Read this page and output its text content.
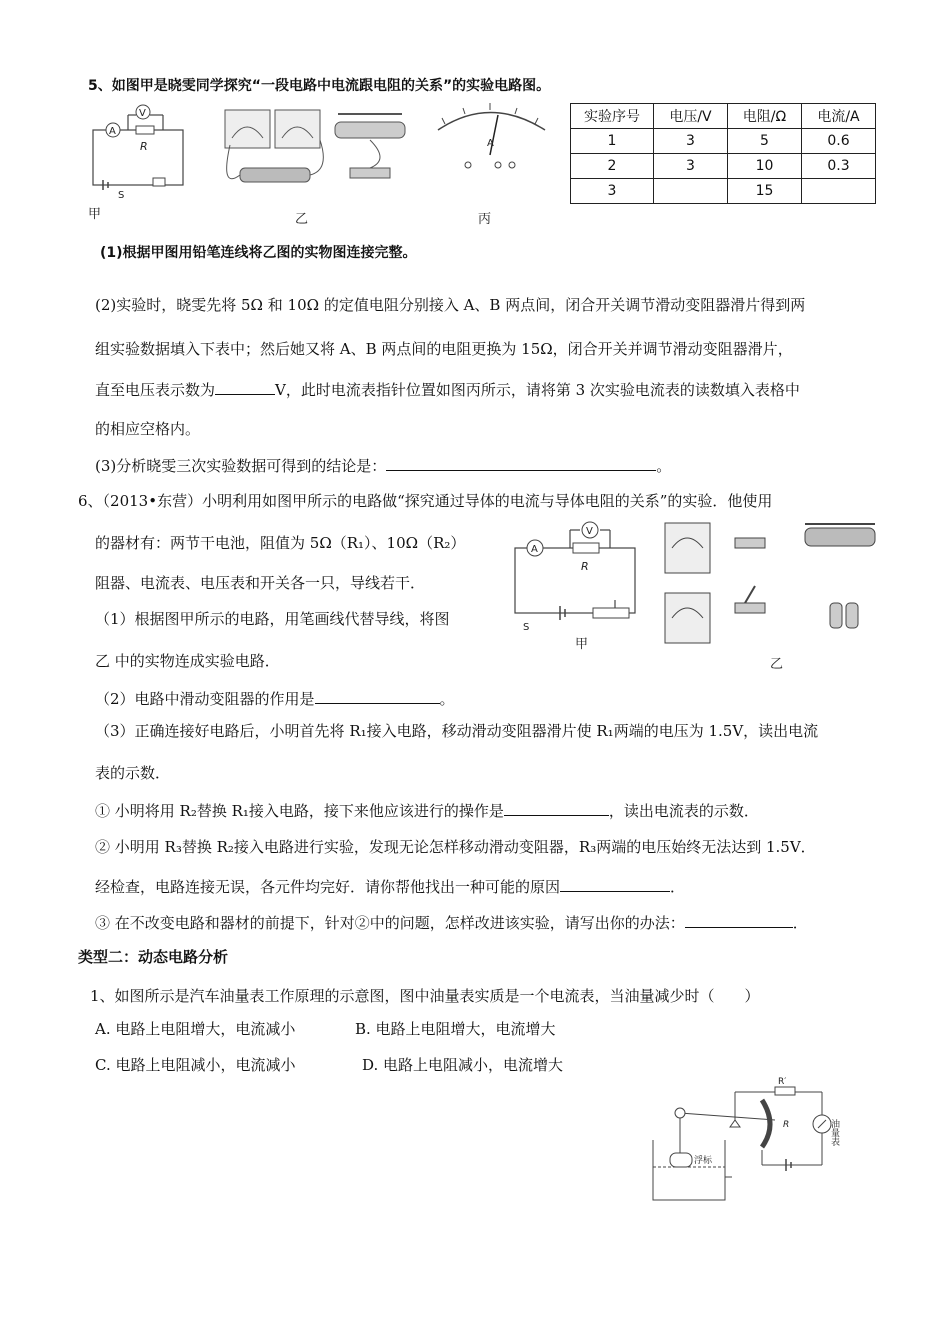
5、如图甲是晓雯同学探究“一段电路中电流跟电阻的关系”的实验电路图。
V
A
R
S
甲	乙
A
丙
实验序号	电压/V	电阻/Ω	电流/A
1	3	5	0.6
2	3	10	0.3
3		15	
(1)根据甲图用铅笔连线将乙图的实物图连接完整。
(2)实验时，晓雯先将 5Ω 和 10Ω 的定值电阻分别接入 A、B 两点间，闭合开关调节滑动变阻器滑片得到两
组实验数据填入下表中；然后她又将 A、B 两点间的电阻更换为 15Ω，闭合开关并调节滑动变阻器滑片，
直至电压表示数为	V，此时电流表指针位置如图丙所示，请将第 3 次实验电流表的读数填入表格中
的相应空格内。
(3)分析晓雯三次实验数据可得到的结论是：	。
6、（2013•东营）小明利用如图甲所示的电路做“探究通过导体的电流与导体电阻的关系”的实验．他使用
的器材有：两节干电池，阻值为 5Ω（R₁）、10Ω（R₂）
阻器、电流表、电压表和开关各一只，导线若干．
（1）根据图甲所示的电路，用笔画线代替导线，将图
乙 中的实物连成实验电路．
V
A
R
S
甲
乙
（2）电路中滑动变阻器的作用是	。
（3）正确连接好电路后，小明首先将 R₁接入电路，移动滑动变阻器滑片使 R₁两端的电压为 1.5V，读出电流
表的示数．
① 小明将用 R₂替换 R₁接入电路，接下来他应该进行的操作是	，读出电流表的示数．
② 小明用 R₃替换 R₂接入电路进行实验，发现无论怎样移动滑动变阻器，R₃两端的电压始终无法达到 1.5V．
经检查，电路连接无误，各元件均完好．请你帮他找出一种可能的原因	．
③ 在不改变电路和器材的前提下，针对②中的问题，怎样改进该实验，请写出你的办法：	．
类型二：动态电路分析
1、如图所示是汽车油量表工作原理的示意图，图中油量表实质是一个电流表，当油量减少时（　　）
A. 电路上电阻增大，电流减小	B. 电路上电阻增大，电流增大
C. 电路上电阻减小，电流减小	D. 电路上电阻减小，电流增大
R′
R	油量表
浮标
